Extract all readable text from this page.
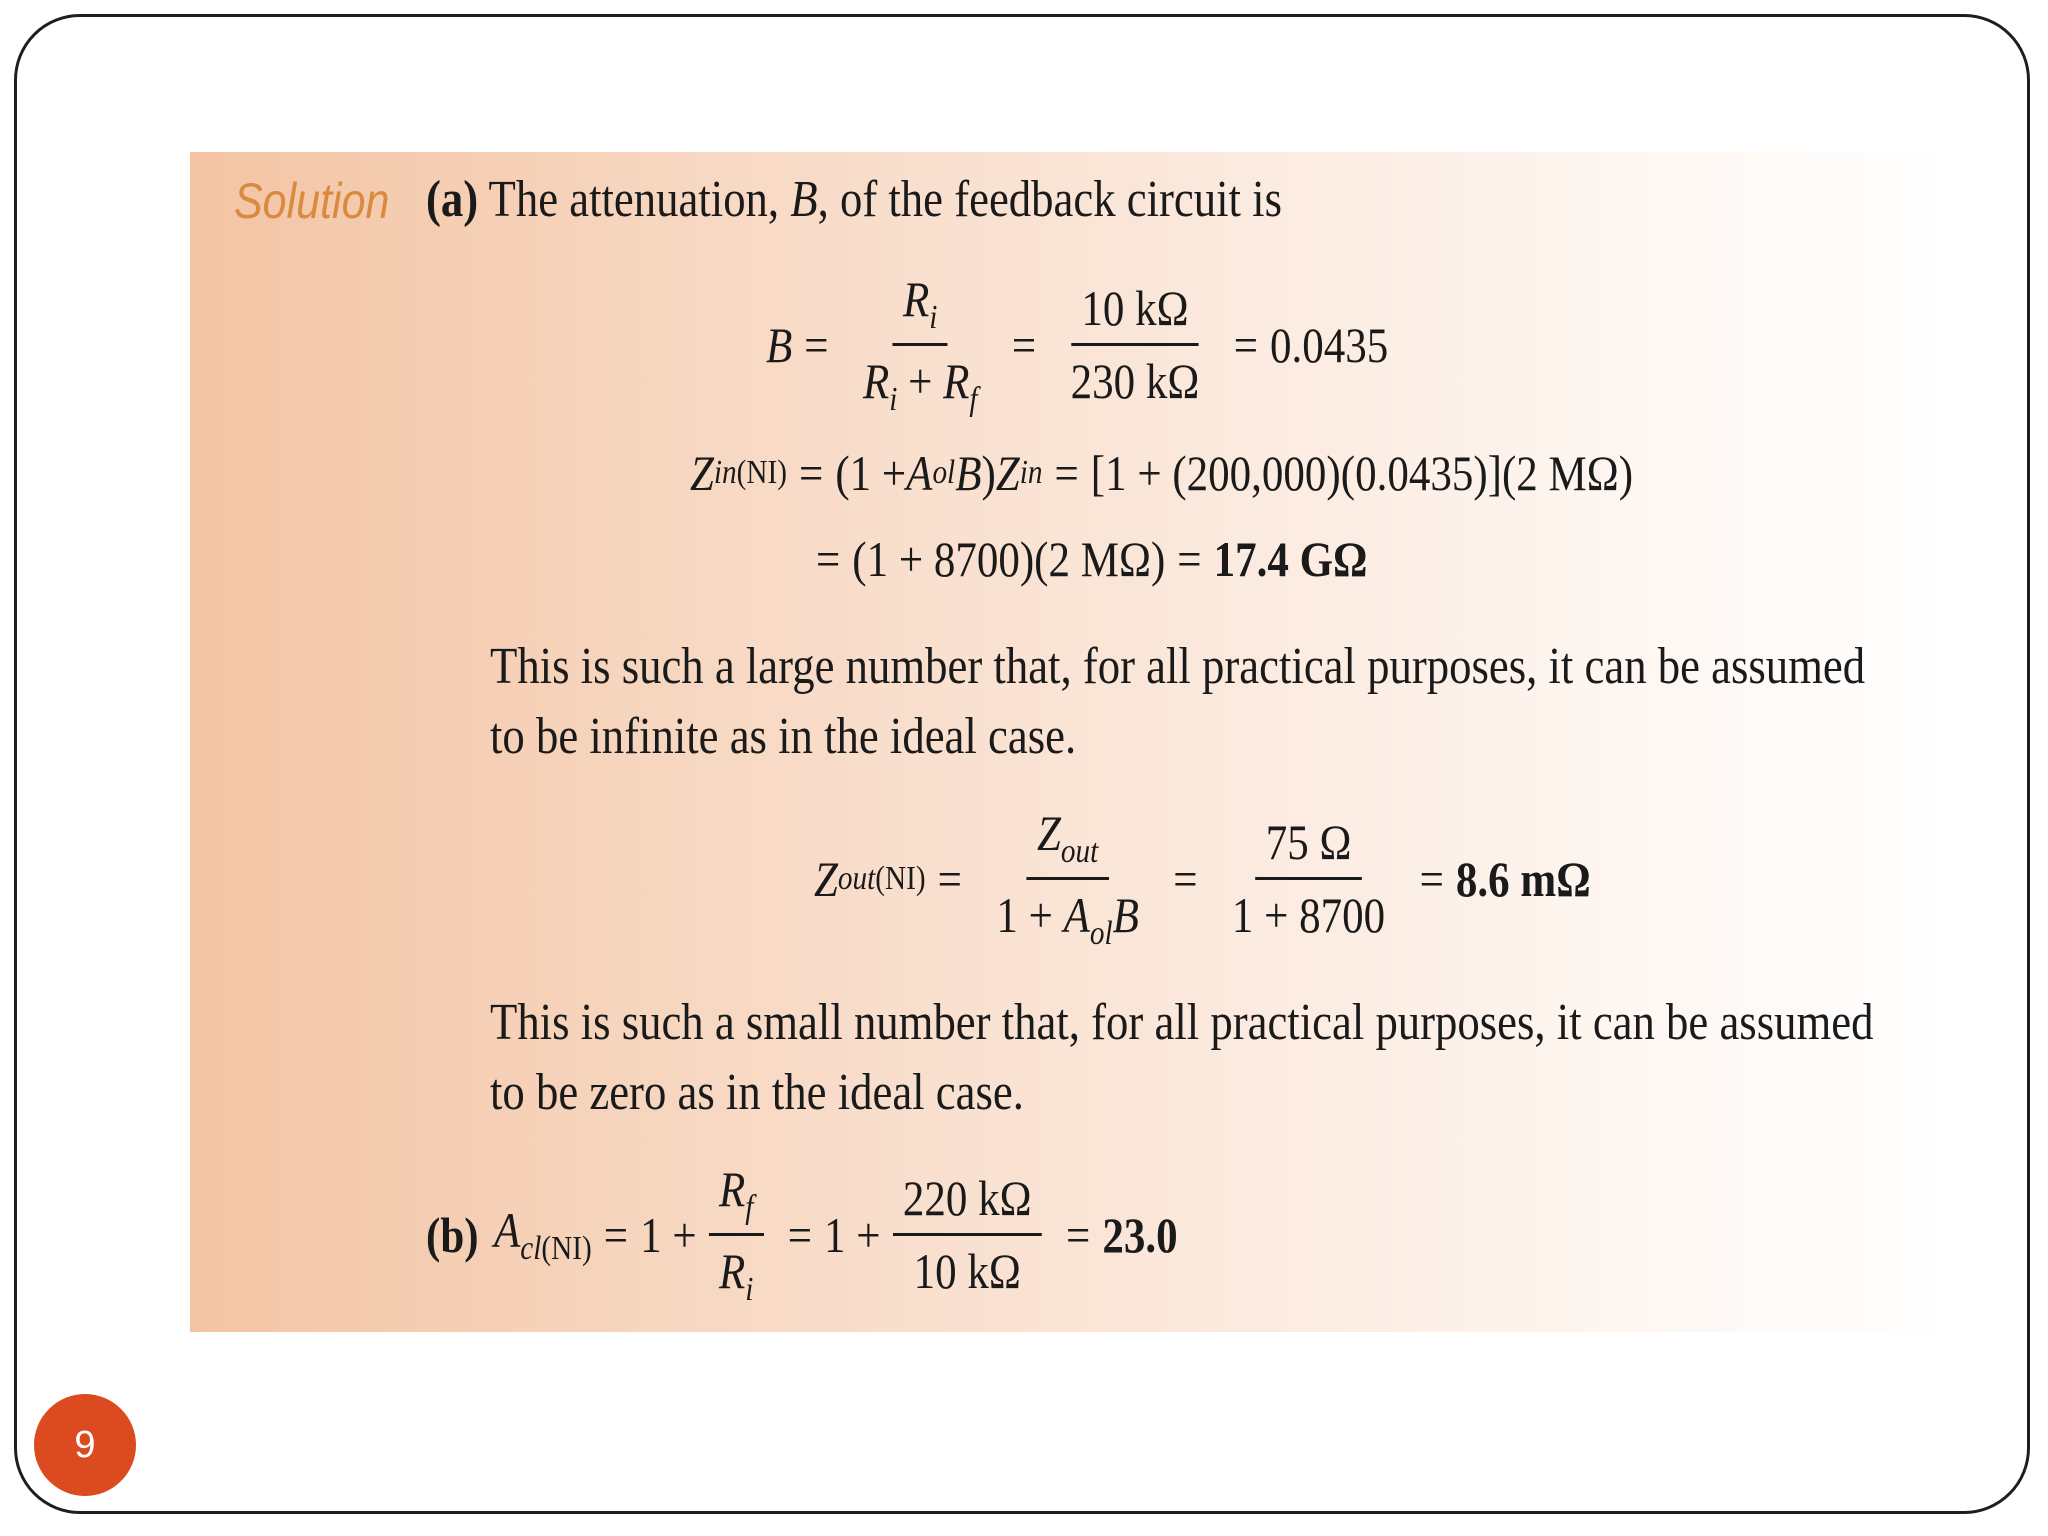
Solution (a) The attenuation, B, of the feedback circuit is
$B = \frac{R_i}{R_i + R_f} = \frac{10 k\Omega}{230 k\Omega} = 0.0435$
Z in(NI) = (1 + A ol B ) Z in = [1 + (200,000)(0.0435)](2 MΩ)
= (1 + 8700)(2 MΩ) = 17.4 GΩ
This is such a large number that, for all practical purposes, it can be assumed to be infinite as in the ideal case.
Z $out(NI) = \frac{Z_{out}}{1 + A_{ol}B} = \frac{75 \Omega}{1 + 8700} = 8.6$ mΩ
This is such a small number that, for all practical purposes, it can be assumed to be zero as in the ideal case.
(b) $A_{cl(NI)} = 1 + \frac{R_f}{R_i} = 1 + \frac{220 k\Omega}{10 k\Omega} = 23.0$
9
